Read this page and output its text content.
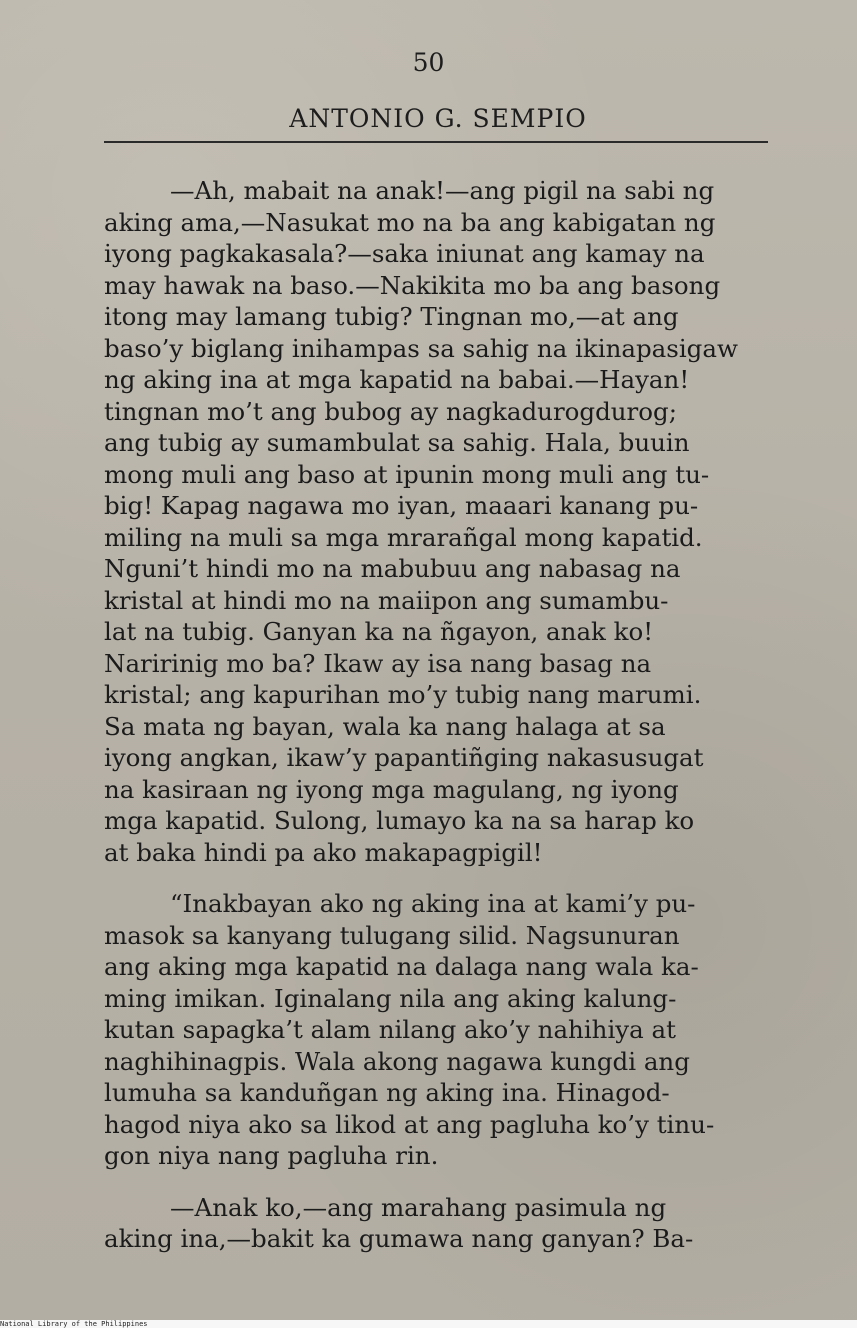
50
ANTONIO G. SEMPIO

—Ah, mabait na anak!—ang pigil na sabi ng
aking ama,—Nasukat mo na ba ang kabigatan ng
iyong pagkakasala?—saka iniunat ang kamay na
may hawak na baso.—Nakikita mo ba ang basong
itong may lamang tubig? Tingnan mo,—at ang
baso’y biglang inihampas sa sahig na ikinapasigaw
ng aking ina at mga kapatid na babai.—Hayan!
tingnan mo’t ang bubog ay nagkadurogdurog;
ang tubig ay sumambulat sa sahig. Hala, buuin
mong muli ang baso at ipunin mong muli ang tu-
big! Kapag nagawa mo iyan, maaari kanang pu-
miling na muli sa mga mrarañgal mong kapatid.
Nguni’t hindi mo na mabubuu ang nabasag na
kristal at hindi mo na maiipon ang sumambu-
lat na tubig. Ganyan ka na ñgayon, anak ko!
Naririnig mo ba? Ikaw ay isa nang basag na
kristal; ang kapurihan mo’y tubig nang marumi.
Sa mata ng bayan, wala ka nang halaga at sa
iyong angkan, ikaw’y papantiñging nakasusugat
na kasiraan ng iyong mga magulang, ng iyong
mga kapatid. Sulong, lumayo ka na sa harap ko
at baka hindi pa ako makapagpigil!

“Inakbayan ako ng aking ina at kami’y pu-
masok sa kanyang tulugang silid. Nagsunuran
ang aking mga kapatid na dalaga nang wala ka-
ming imikan. Iginalang nila ang aking kalung-
kutan sapagka’t alam nilang ako’y nahihiya at
naghihinagpis. Wala akong nagawa kungdi ang
lumuha sa kanduñgan ng aking ina. Hinagod-
hagod niya ako sa likod at ang pagluha ko’y tinu-
gon niya nang pagluha rin.

—Anak ko,—ang marahang pasimula ng
aking ina,—bakit ka gumawa nang ganyan? Ba-

National Library of the Philippines
